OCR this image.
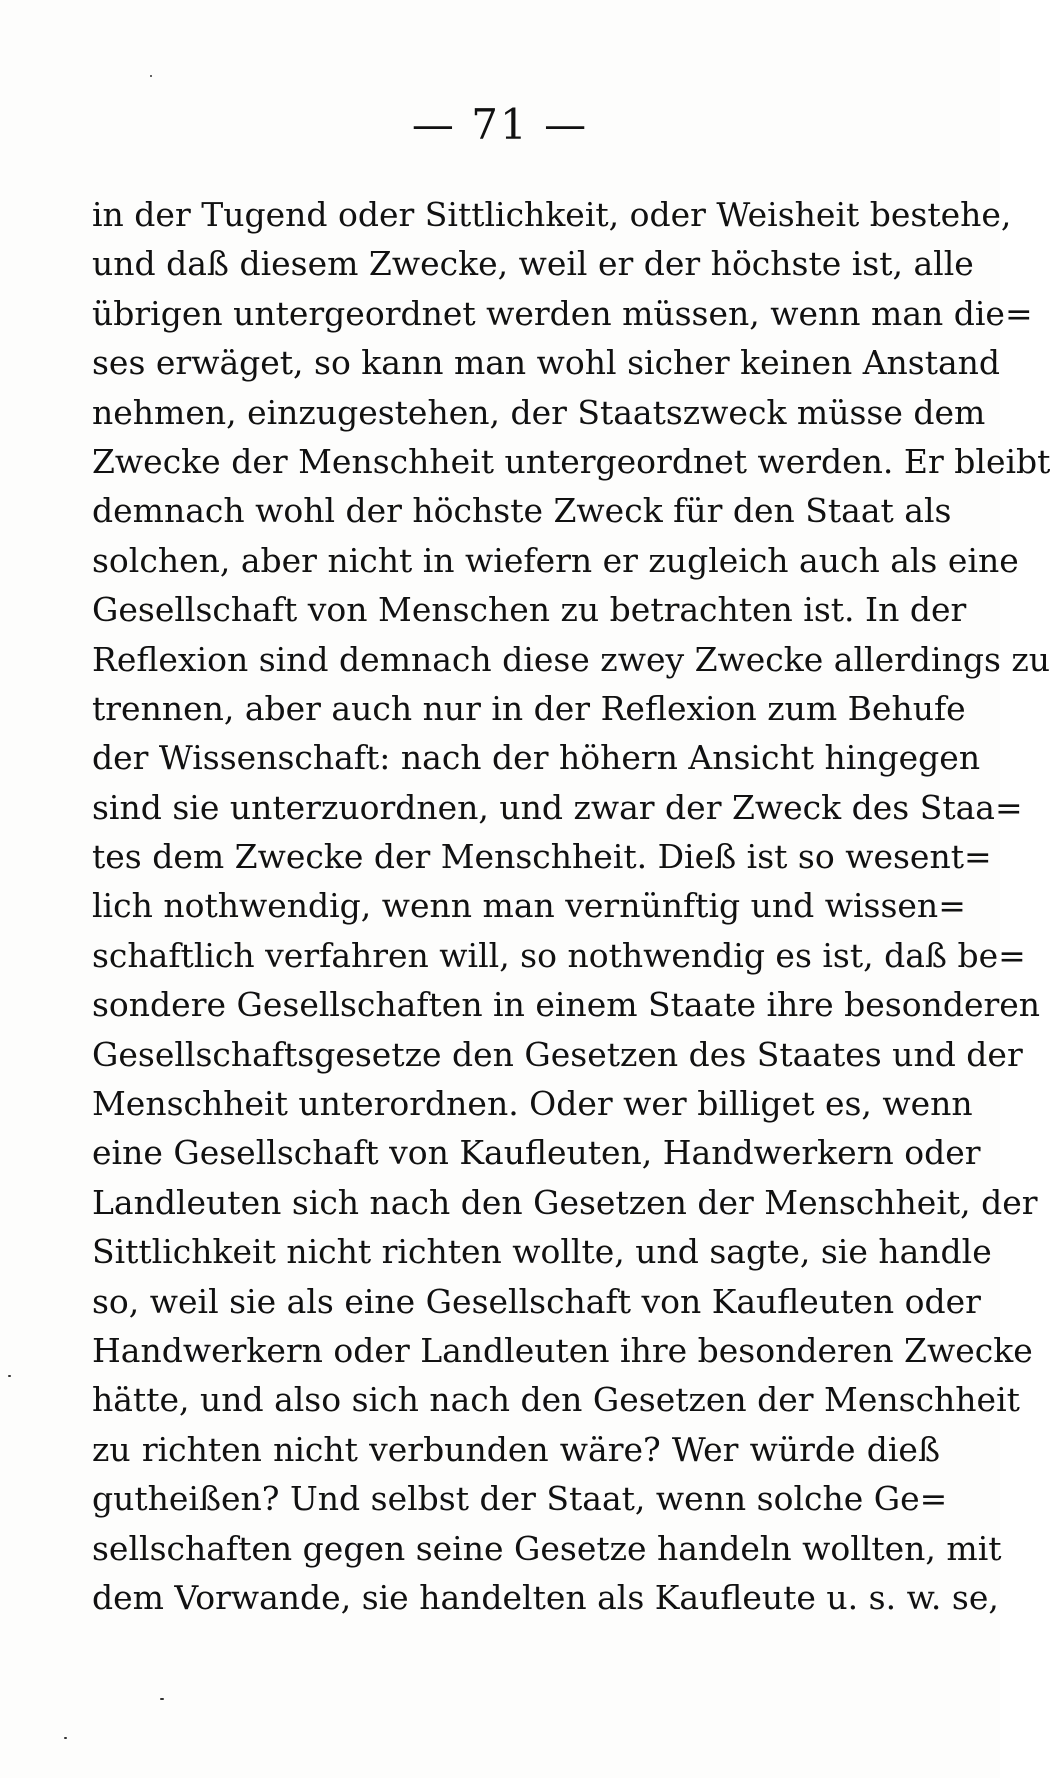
— 71 —
in der Tugend oder Sittlichkeit, oder Weisheit bestehe,
und daß diesem Zwecke, weil er der höchste ist, alle
übrigen untergeordnet werden müssen, wenn man die=
ses erwäget, so kann man wohl sicher keinen Anstand
nehmen, einzugestehen, der Staatszweck müsse dem
Zwecke der Menschheit untergeordnet werden. Er bleibt
demnach wohl der höchste Zweck für den Staat als
solchen, aber nicht in wiefern er zugleich auch als eine
Gesellschaft von Menschen zu betrachten ist. In der
Reflexion sind demnach diese zwey Zwecke allerdings zu
trennen, aber auch nur in der Reflexion zum Behufe
der Wissenschaft: nach der höhern Ansicht hingegen
sind sie unterzuordnen, und zwar der Zweck des Staa=
tes dem Zwecke der Menschheit. Dieß ist so wesent=
lich nothwendig, wenn man vernünftig und wissen=
schaftlich verfahren will, so nothwendig es ist, daß be=
sondere Gesellschaften in einem Staate ihre besonderen
Gesellschaftsgesetze den Gesetzen des Staates und der
Menschheit unterordnen. Oder wer billiget es, wenn
eine Gesellschaft von Kaufleuten, Handwerkern oder
Landleuten sich nach den Gesetzen der Menschheit, der
Sittlichkeit nicht richten wollte, und sagte, sie handle
so, weil sie als eine Gesellschaft von Kaufleuten oder
Handwerkern oder Landleuten ihre besonderen Zwecke
hätte, und also sich nach den Gesetzen der Menschheit
zu richten nicht verbunden wäre? Wer würde dieß
gutheißen? Und selbst der Staat, wenn solche Ge=
sellschaften gegen seine Gesetze handeln wollten, mit
dem Vorwande, sie handelten als Kaufleute u. s. w. se,
